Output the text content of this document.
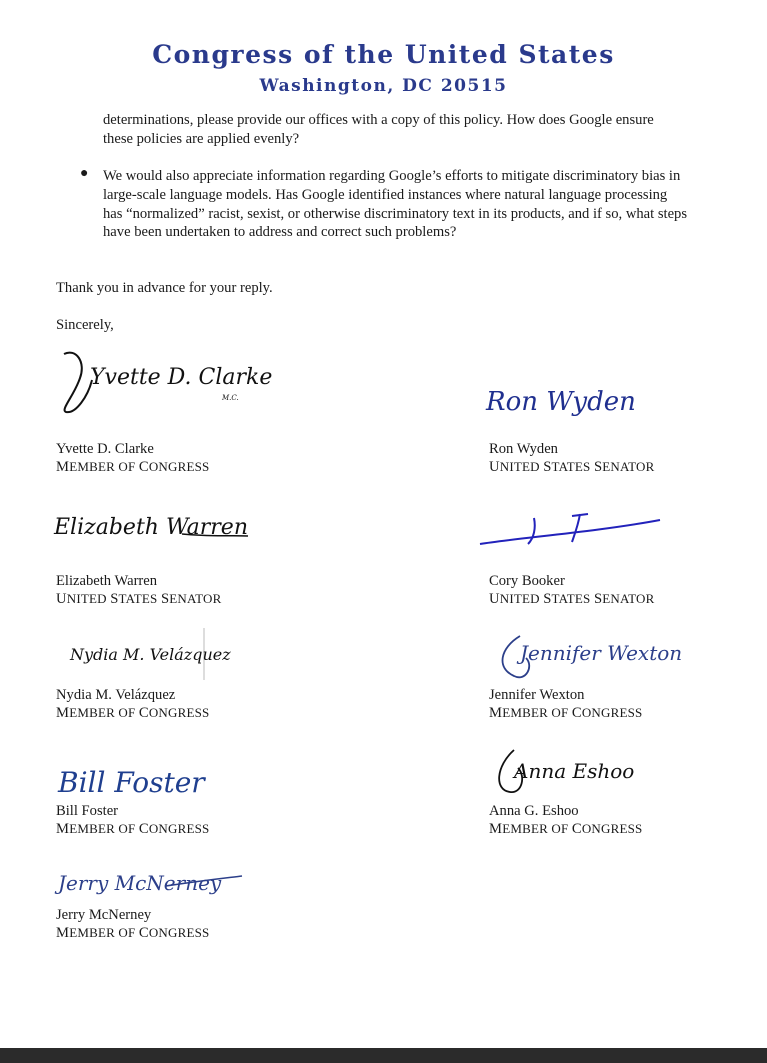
Congress of the United States
Washington, DC 20515
determinations, please provide our offices with a copy of this policy. How does Google ensure these policies are applied evenly?
● We would also appreciate information regarding Google’s efforts to mitigate discriminatory bias in large-scale language models. Has Google identified instances where natural language processing has “normalized” racist, sexist, or otherwise discriminatory text in its products, and if so, what steps have been undertaken to address and correct such problems?
Thank you in advance for your reply.
Sincerely,
Yvette D. Clarke
M.C.	Ron Wyden
Elizabeth Warren
Nydia M. Velázquez	Jennifer Wexton
Bill Foster	Anna Eshoo
Jerry McNerney
Yvette D. Clarke
MEMBER OF CONGRESS
Ron Wyden
UNITED STATES SENATOR
Elizabeth Warren
UNITED STATES SENATOR
Cory Booker
UNITED STATES SENATOR
Nydia M. Velázquez
MEMBER OF CONGRESS
Jennifer Wexton
MEMBER OF CONGRESS
Bill Foster
MEMBER OF CONGRESS
Anna G. Eshoo
MEMBER OF CONGRESS
Jerry McNerney
MEMBER OF CONGRESS
